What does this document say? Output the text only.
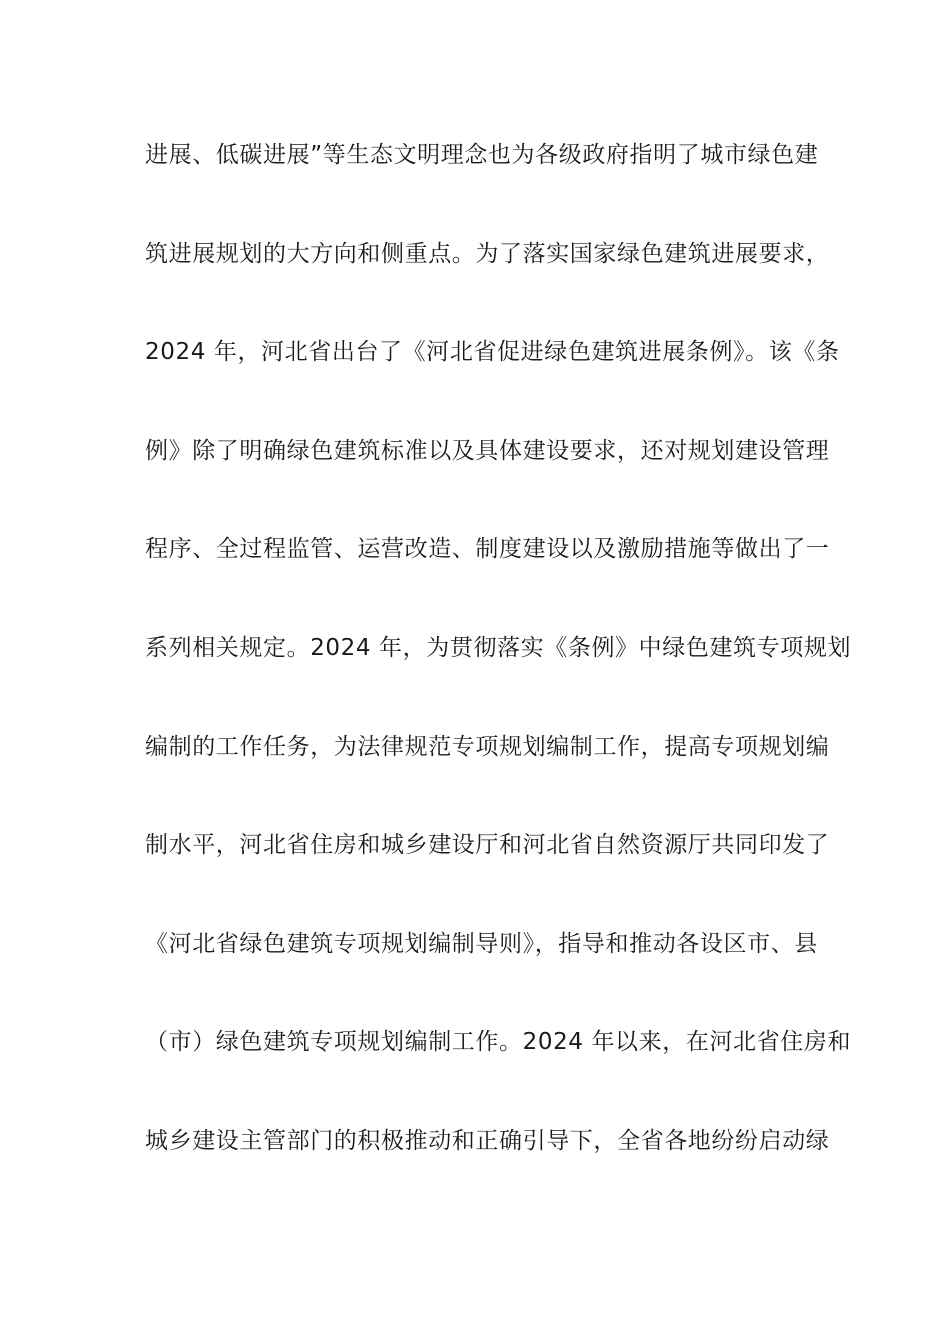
进展、低碳进展”等生态文明理念也为各级政府指明了城市绿色建
筑进展规划的大方向和侧重点。为了落实国家绿色建筑进展要求，
2024 年，河北省出台了《河北省促进绿色建筑进展条例》。该《条
例》除了明确绿色建筑标准以及具体建设要求，还对规划建设管理
程序、全过程监管、运营改造、制度建设以及激励措施等做出了一
系列相关规定。2024 年，为贯彻落实《条例》中绿色建筑专项规划
编制的工作任务，为法律规范专项规划编制工作，提高专项规划编
制水平，河北省住房和城乡建设厅和河北省自然资源厅共同印发了
《河北省绿色建筑专项规划编制导则》，指导和推动各设区市、县
（市）绿色建筑专项规划编制工作。2024 年以来，在河北省住房和
城乡建设主管部门的积极推动和正确引导下，全省各地纷纷启动绿
